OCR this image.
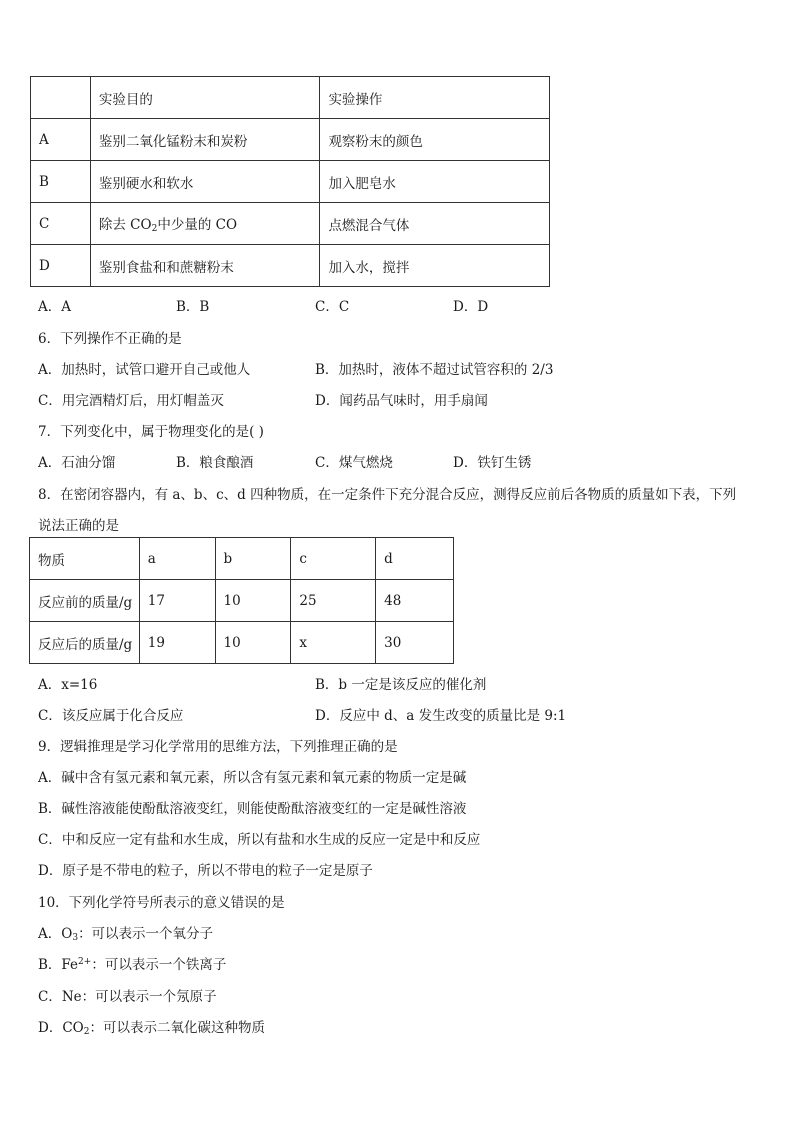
	实验目的	实验操作
A	鉴别二氧化锰粉末和炭粉	观察粉末的颜色
B	鉴别硬水和软水	加入肥皂水
C	除去 $CO_2$中少量的 CO	点燃混合气体
D	鉴别食盐和和蔗糖粉末	加入水，搅拌
A．A	B．B	C．C	D．D
6．下列操作不正确的是
A．加热时，试管口避开自己或他人	B．加热时，液体不超过试管容积的 2/3
C．用完酒精灯后，用灯帽盖灭	D．闻药品气味时，用手扇闻
7．下列变化中，属于物理变化的是( )
A．石油分馏	B．粮食酿酒	C．煤气燃烧	D．铁钉生锈
8．在密闭容器内，有 a、b、c、d 四种物质，在一定条件下充分混合反应，测得反应前后各物质的质量如下表，下列
说法正确的是
物质	a	b	c	d
反应前的质量/g	17	10	25	48
反应后的质量/g	19	10	x	30
A．x=16	B．b 一定是该反应的催化剂
C．该反应属于化合反应	D．反应中 d、a 发生改变的质量比是 9:1
9．逻辑推理是学习化学常用的思维方法，下列推理正确的是
A．碱中含有氢元素和氧元素，所以含有氢元素和氧元素的物质一定是碱
B．碱性溶液能使酚酞溶液变红，则能使酚酞溶液变红的一定是碱性溶液
C．中和反应一定有盐和水生成，所以有盐和水生成的反应一定是中和反应
D．原子是不带电的粒子，所以不带电的粒子一定是原子
10．下列化学符号所表示的意义错误的是
A．$O_3$：可以表示一个氧分子
B．$Fe^{2+}$：可以表示一个铁离子
C．Ne：可以表示一个氖原子
D．$CO_2$：可以表示二氧化碳这种物质
